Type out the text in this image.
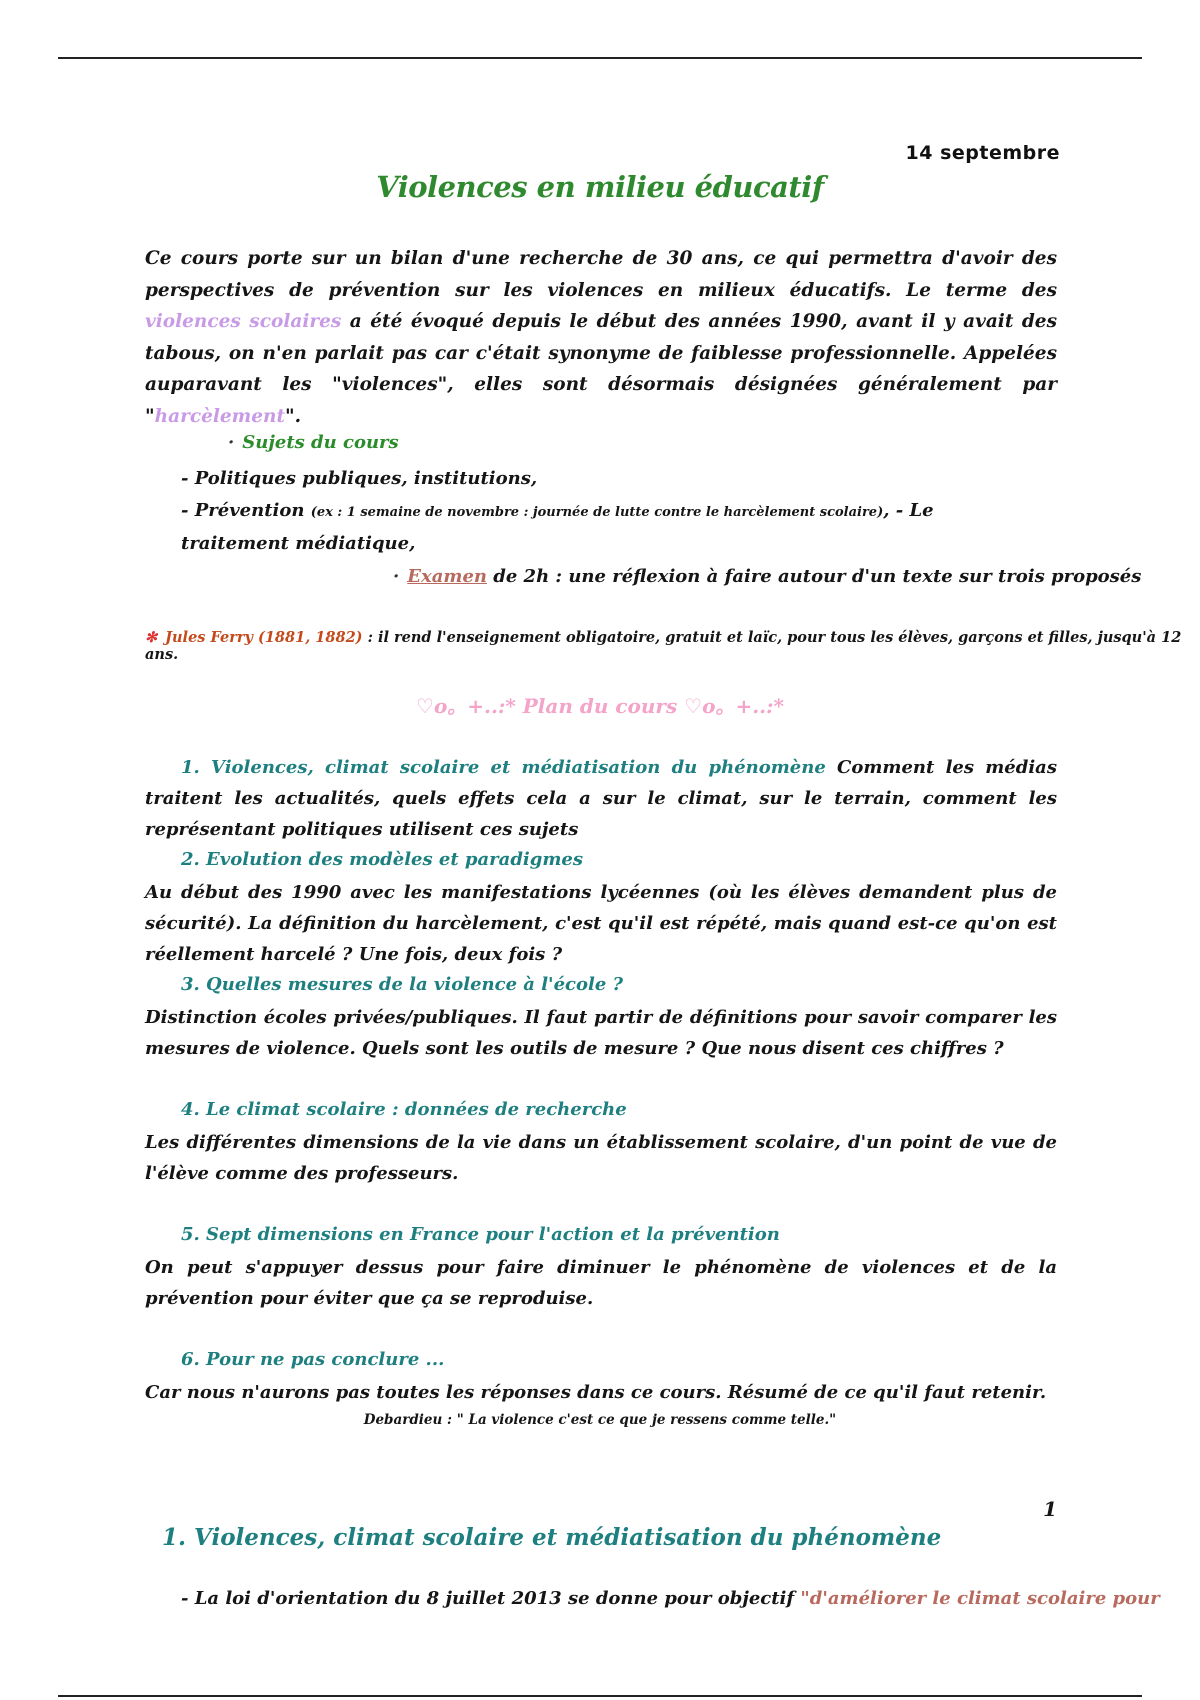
14 septembre
Violences en milieu éducatif

Ce cours porte sur un bilan d'une recherche de 30 ans, ce qui permettra d'avoir des perspectives de prévention sur les violences en milieux éducatifs. Le terme des violences scolaires a été évoqué depuis le début des années 1990, avant il y avait des tabous, on n'en parlait pas car c'était synonyme de faiblesse professionnelle. Appelées auparavant les "violences", elles sont désormais désignées généralement par "harcèlement".

· Sujets du cours
- Politiques publiques, institutions,
- Prévention (ex : 1 semaine de novembre : journée de lutte contre le harcèlement scolaire), - Le traitement médiatique,
· Examen de 2h : une réflexion à faire autour d'un texte sur trois proposés
✻ Jules Ferry (1881, 1882) : il rend l'enseignement obligatoire, gratuit et laïc, pour tous les élèves, garçons et filles, jusqu'à 12 ans.
♡o。+..:* Plan du cours ♡o。+..:*

1. Violences, climat scolaire et médiatisation du phénomène Comment les médias traitent les actualités, quels effets cela a sur le climat, sur le terrain, comment les représentant politiques utilisent ces sujets

2. Evolution des modèles et paradigmes

Au début des 1990 avec les manifestations lycéennes (où les élèves demandent plus de sécurité). La définition du harcèlement, c'est qu'il est répété, mais quand est-ce qu'on est réellement harcelé ? Une fois, deux fois ?

3. Quelles mesures de la violence à l'école ?

Distinction écoles privées/publiques. Il faut partir de définitions pour savoir comparer les mesures de violence. Quels sont les outils de mesure ? Que nous disent ces chiffres ?

4. Le climat scolaire : données de recherche

Les différentes dimensions de la vie dans un établissement scolaire, d'un point de vue de l'élève comme des professeurs.

5. Sept dimensions en France pour l'action et la prévention

On peut s'appuyer dessus pour faire diminuer le phénomène de violences et de la prévention pour éviter que ça se reproduise.

6. Pour ne pas conclure ...

Car nous n'aurons pas toutes les réponses dans ce cours. Résumé de ce qu'il faut retenir.

Debardieu : " La violence c'est ce que je ressens comme telle."
1
1. Violences, climat scolaire et médiatisation du phénomène
- La loi d'orientation du 8 juillet 2013 se donne pour objectif "d'améliorer le climat scolaire pour
